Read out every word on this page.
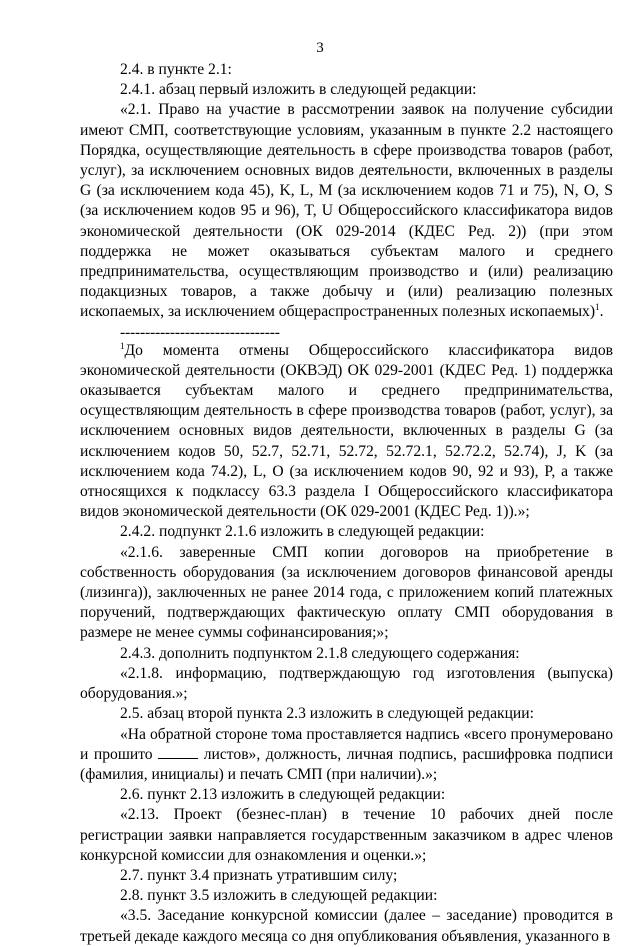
3

2.4. в пункте 2.1:

2.4.1. абзац первый изложить в следующей редакции:

«2.1. Право на участие в рассмотрении заявок на получение субсидии имеют СМП, соответствующие условиям, указанным в пункте 2.2 настоящего Порядка, осуществляющие деятельность в сфере производства товаров (работ, услуг), за исключением основных видов деятельности, включенных в разделы G (за исключением кода 45), K, L, M (за исключением кодов 71 и 75), N, O, S (за исключением кодов 95 и 96), T, U Общероссийского классификатора видов экономической деятельности (ОК 029-2014 (КДЕС Ред. 2)) (при этом поддержка не может оказываться субъектам малого и среднего предпринимательства, осуществляющим производство и (или) реализацию подакцизных товаров, а также добычу и (или) реализацию полезных ископаемых, за исключением общераспространенных полезных ископаемых)$^1$.

--------------------------------

$^1$До момента отмены Общероссийского классификатора видов экономической деятельности (ОКВЭД) ОК 029-2001 (КДЕС Ред. 1) поддержка оказывается субъектам малого и среднего предпринимательства, осуществляющим деятельность в сфере производства товаров (работ, услуг), за исключением основных видов деятельности, включенных в разделы G (за исключением кодов 50, 52.7, 52.71, 52.72, 52.72.1, 52.72.2, 52.74), J, K (за исключением кода 74.2), L, O (за исключением кодов 90, 92 и 93), P, а также относящихся к подклассу 63.3 раздела I Общероссийского классификатора видов экономической деятельности (ОК 029-2001 (КДЕС Ред. 1)).»;

2.4.2. подпункт 2.1.6 изложить в следующей редакции:

«2.1.6. заверенные СМП копии договоров на приобретение в собственность оборудования (за исключением договоров финансовой аренды (лизинга)), заключенных не ранее 2014 года, с приложением копий платежных поручений, подтверждающих фактическую оплату СМП оборудования в размере не менее суммы софинансирования;»;

2.4.3. дополнить подпунктом 2.1.8 следующего содержания:

«2.1.8. информацию, подтверждающую год изготовления (выпуска) оборудования.»;

2.5. абзац второй пункта 2.3 изложить в следующей редакции:

«На обратной стороне тома проставляется надпись «всего пронумеровано и прошито	листов», должность, личная подпись, расшифровка подписи (фамилия, инициалы) и печать СМП (при наличии).»;

2.6. пункт 2.13 изложить в следующей редакции:

«2.13. Проект (безнес-план) в течение 10 рабочих дней после регистрации заявки направляется государственным заказчиком в адрес членов конкурсной комиссии для ознакомления и оценки.»;

2.7. пункт 3.4 признать утратившим силу;

2.8. пункт 3.5 изложить в следующей редакции:

«3.5. Заседание конкурсной комиссии (далее – заседание) проводится в третьей декаде каждого месяца со дня опубликования объявления, указанного в
